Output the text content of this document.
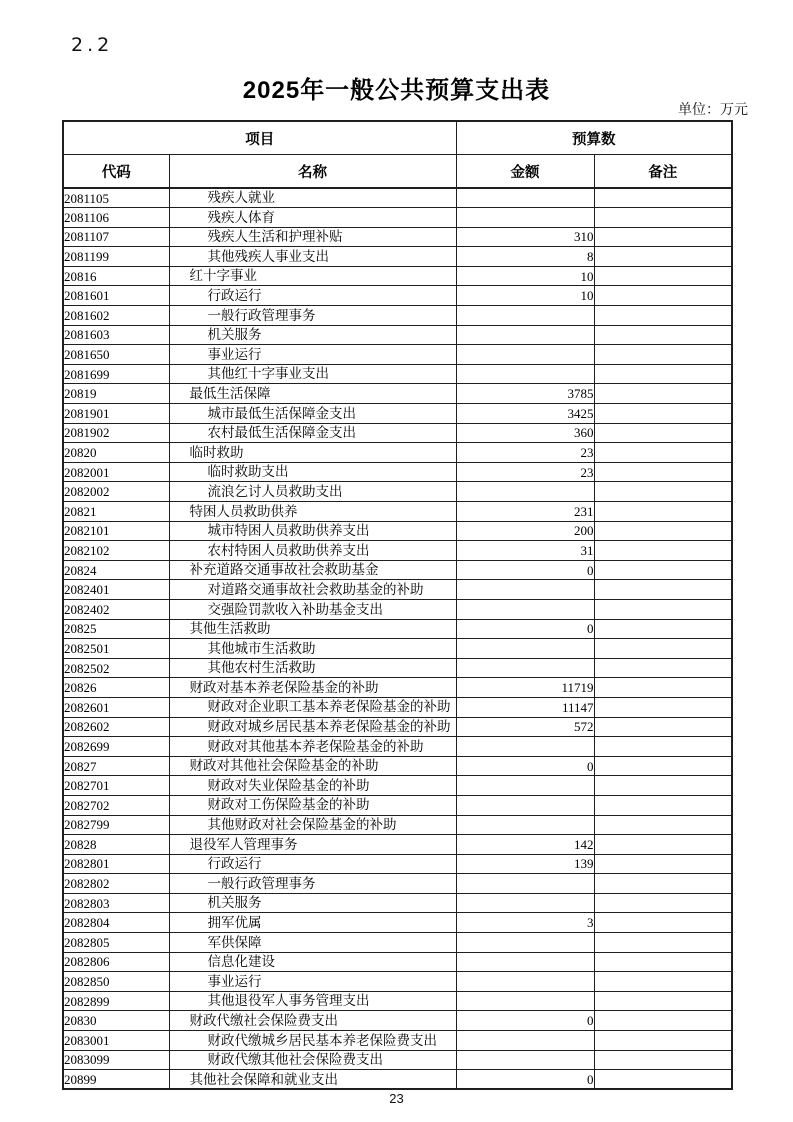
2.2
2025年一般公共预算支出表
单位：万元
项目		预算数	
代码	名称	金额	备注
2081105	残疾人就业		
2081106	残疾人体育		
2081107	残疾人生活和护理补贴	310	
2081199	其他残疾人事业支出	8	
20816	红十字事业	10	
2081601	行政运行	10	
2081602	一般行政管理事务		
2081603	机关服务		
2081650	事业运行		
2081699	其他红十字事业支出		
20819	最低生活保障	3785	
2081901	城市最低生活保障金支出	3425	
2081902	农村最低生活保障金支出	360	
20820	临时救助	23	
2082001	临时救助支出	23	
2082002	流浪乞讨人员救助支出		
20821	特困人员救助供养	231	
2082101	城市特困人员救助供养支出	200	
2082102	农村特困人员救助供养支出	31	
20824	补充道路交通事故社会救助基金	0	
2082401	对道路交通事故社会救助基金的补助		
2082402	交强险罚款收入补助基金支出		
20825	其他生活救助	0	
2082501	其他城市生活救助		
2082502	其他农村生活救助		
20826	财政对基本养老保险基金的补助	11719	
2082601	财政对企业职工基本养老保险基金的补助	11147	
2082602	财政对城乡居民基本养老保险基金的补助	572	
2082699	财政对其他基本养老保险基金的补助		
20827	财政对其他社会保险基金的补助	0	
2082701	财政对失业保险基金的补助		
2082702	财政对工伤保险基金的补助		
2082799	其他财政对社会保险基金的补助		
20828	退役军人管理事务	142	
2082801	行政运行	139	
2082802	一般行政管理事务		
2082803	机关服务		
2082804	拥军优属	3	
2082805	军供保障		
2082806	信息化建设		
2082850	事业运行		
2082899	其他退役军人事务管理支出		
20830	财政代缴社会保险费支出	0	
2083001	财政代缴城乡居民基本养老保险费支出		
2083099	财政代缴其他社会保险费支出		
20899	其他社会保障和就业支出	0	
23
